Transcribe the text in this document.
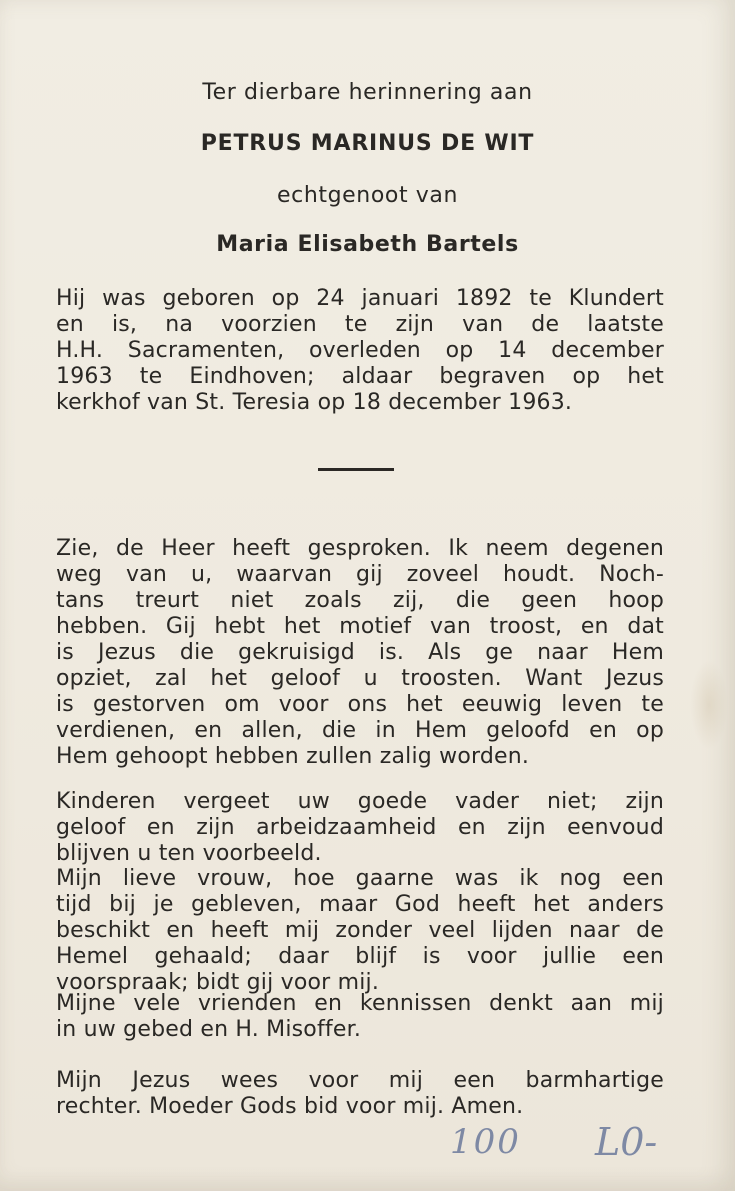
Ter dierbare herinnering aan
PETRUS MARINUS DE WIT
echtgenoot van
Maria Elisabeth Bartels
Hij was geboren op 24 januari 1892 te Klundert
en is, na voorzien te zijn van de laatste
H.H. Sacramenten, overleden op 14 december
1963 te Eindhoven; aldaar begraven op het
kerkhof van St. Teresia op 18 december 1963.
Zie, de Heer heeft gesproken. Ik neem degenen
weg van u, waarvan gij zoveel houdt. Noch-
tans treurt niet zoals zij, die geen hoop
hebben. Gij hebt het motief van troost, en dat
is Jezus die gekruisigd is. Als ge naar Hem
opziet, zal het geloof u troosten. Want Jezus
is gestorven om voor ons het eeuwig leven te
verdienen, en allen, die in Hem geloofd en op
Hem gehoopt hebben zullen zalig worden.
Kinderen vergeet uw goede vader niet; zijn
geloof en zijn arbeidzaamheid en zijn eenvoud
blijven u ten voorbeeld.
Mijn lieve vrouw, hoe gaarne was ik nog een
tijd bij je gebleven, maar God heeft het anders
beschikt en heeft mij zonder veel lijden naar de
Hemel gehaald; daar blijf is voor jullie een
voorspraak; bidt gij voor mij.
Mijne vele vrienden en kennissen denkt aan mij
in uw gebed en H. Misoffer.
Mijn Jezus wees voor mij een barmhartige
rechter. Moeder Gods bid voor mij. Amen.
100 L0-
